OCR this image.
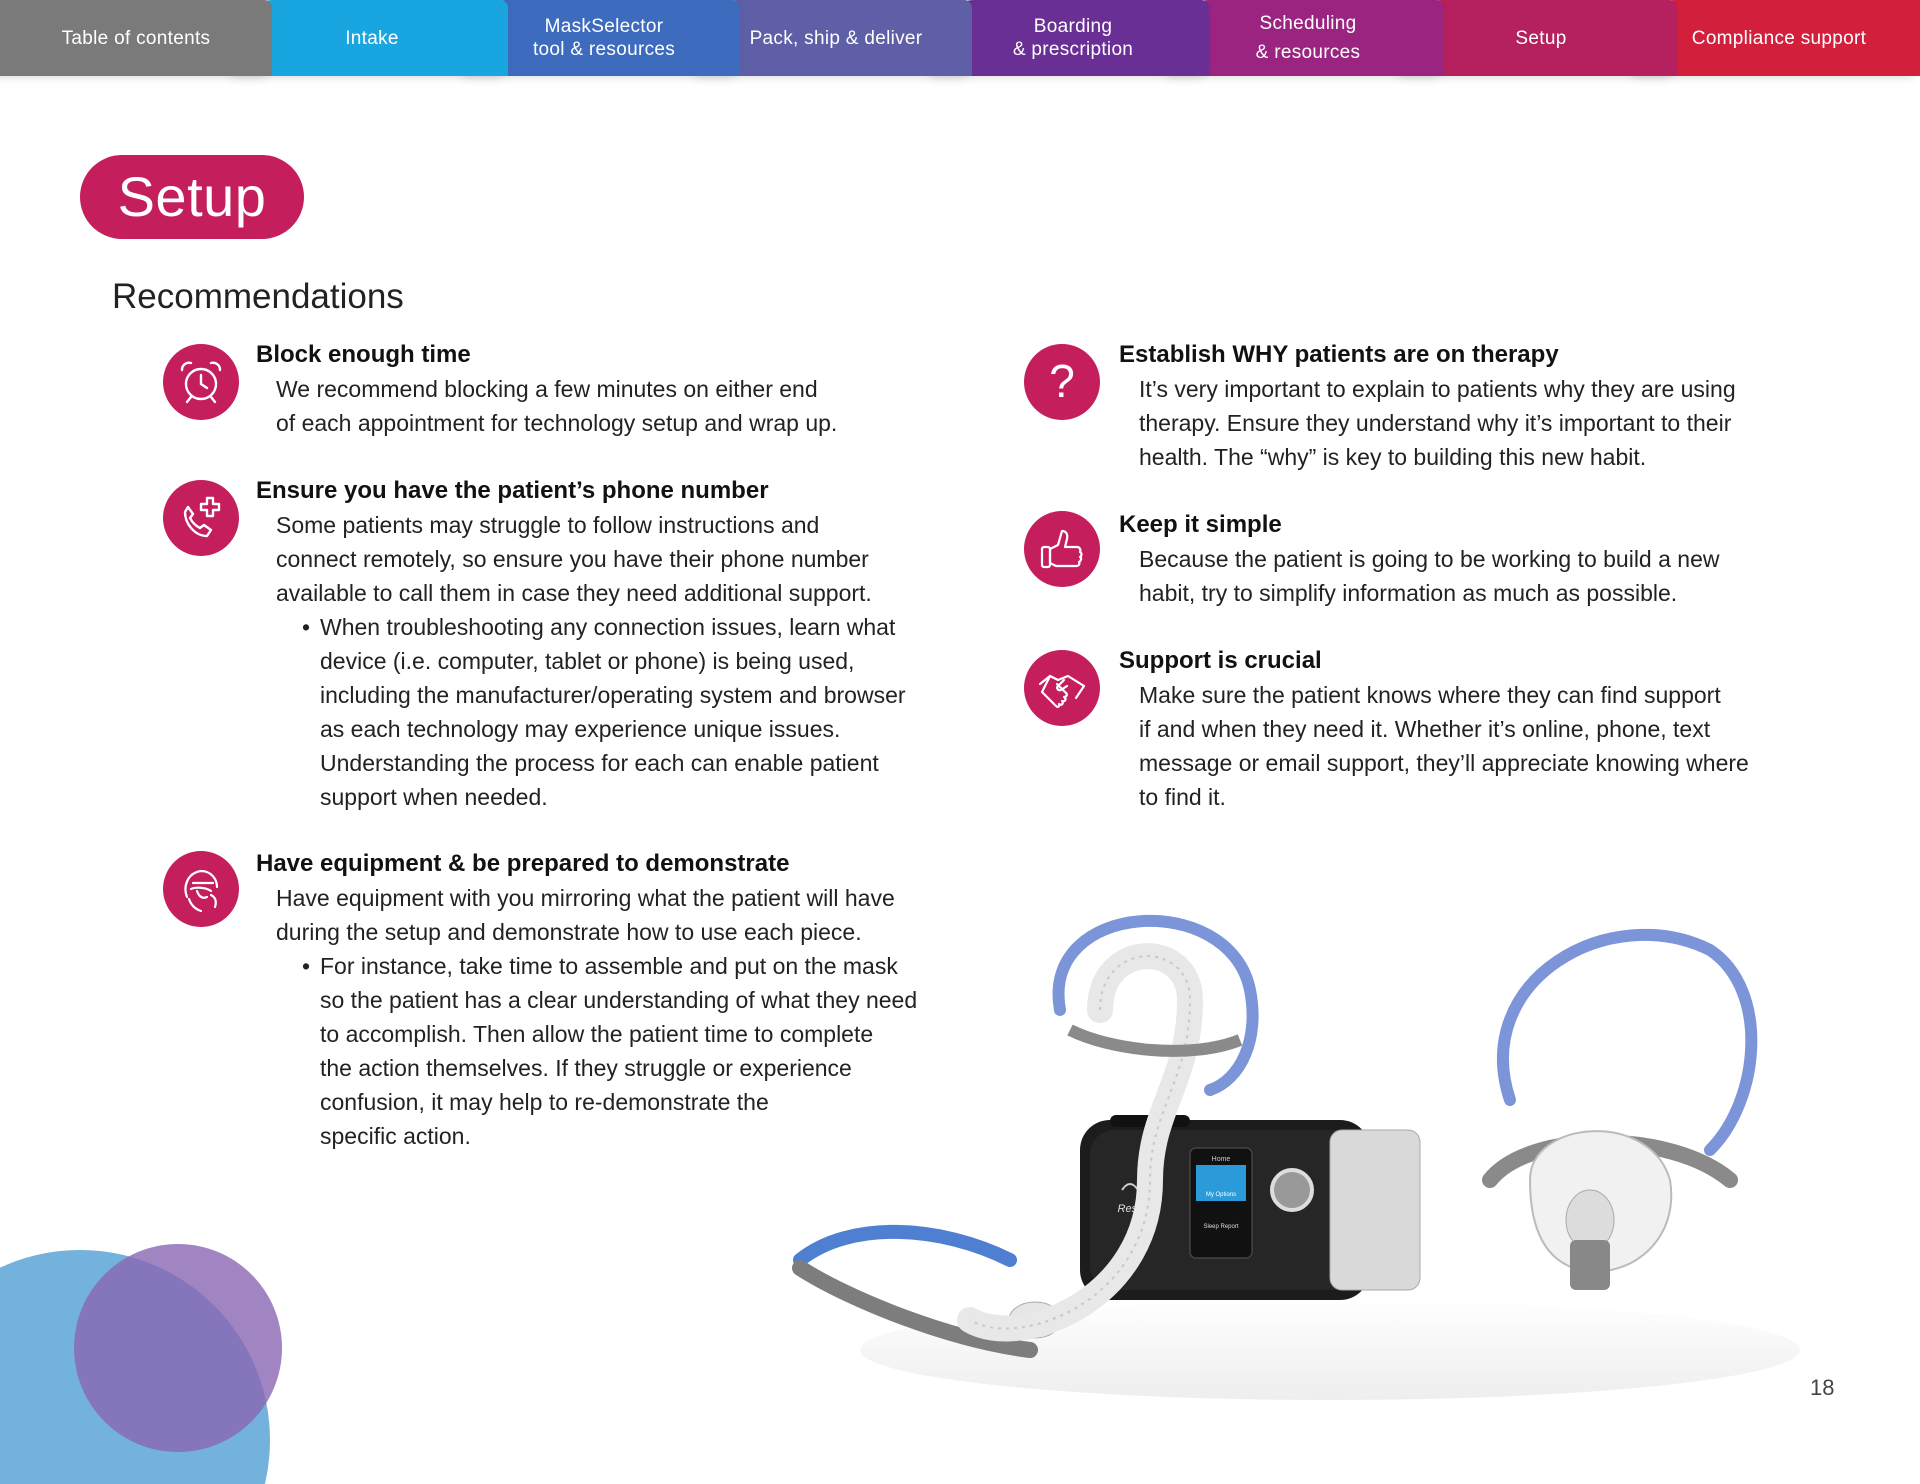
Table of contents	Intake
MaskSelector
tool & resources
Pack, ship & deliver
Boarding
& prescription
Scheduling
& resources
Setup	Compliance support
Setup
Recommendations

Block enough time

We recommend blocking a few minutes on either end

of each appointment for technology setup and wrap up.

Ensure you have the patient’s phone number

Some patients may struggle to follow instructions and

connect remotely, so ensure you have their phone number

available to call them in case they need additional support.

• When troubleshooting any connection issues, learn what

device (i.e. computer, tablet or phone) is being used,

including the manufacturer/operating system and browser

as each technology may experience unique issues.

Understanding the process for each can enable patient

support when needed.

Have equipment & be prepared to demonstrate

Have equipment with you mirroring what the patient will have

during the setup and demonstrate how to use each piece.

• For instance, take time to assemble and put on the mask

so the patient has a clear understanding of what they need

to accomplish. Then allow the patient time to complete

the action themselves. If they struggle or experience

confusion, it may help to re-demonstrate the

specific action.

?

Establish WHY patients are on therapy

It’s very important to explain to patients why they are using

therapy. Ensure they understand why it’s important to their

health. The “why” is key to building this new habit.

Keep it simple

Because the patient is going to be working to build a new

habit, try to simplify information as much as possible.

Support is crucial

Make sure the patient knows where they can find support

if and when they need it. Whether it’s online, phone, text

message or email support, they’ll appreciate knowing where

to find it.

Home
My Options
Sleep Report
ResMed
18
